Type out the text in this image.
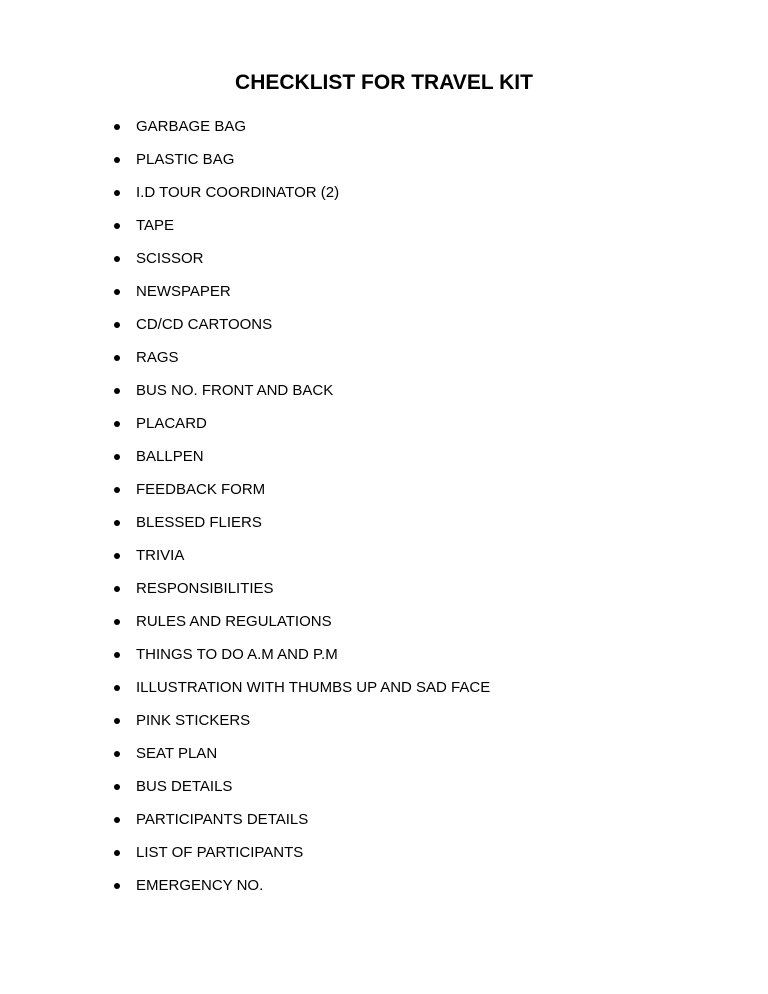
CHECKLIST FOR TRAVEL KIT
GARBAGE BAG
PLASTIC BAG
I.D TOUR COORDINATOR (2)
TAPE
SCISSOR
NEWSPAPER
CD/CD CARTOONS
RAGS
BUS NO. FRONT AND BACK
PLACARD
BALLPEN
FEEDBACK FORM
BLESSED FLIERS
TRIVIA
RESPONSIBILITIES
RULES AND REGULATIONS
THINGS TO DO A.M AND P.M
ILLUSTRATION WITH THUMBS UP AND SAD FACE
PINK STICKERS
SEAT PLAN
BUS DETAILS
PARTICIPANTS DETAILS
LIST OF PARTICIPANTS
EMERGENCY NO.
